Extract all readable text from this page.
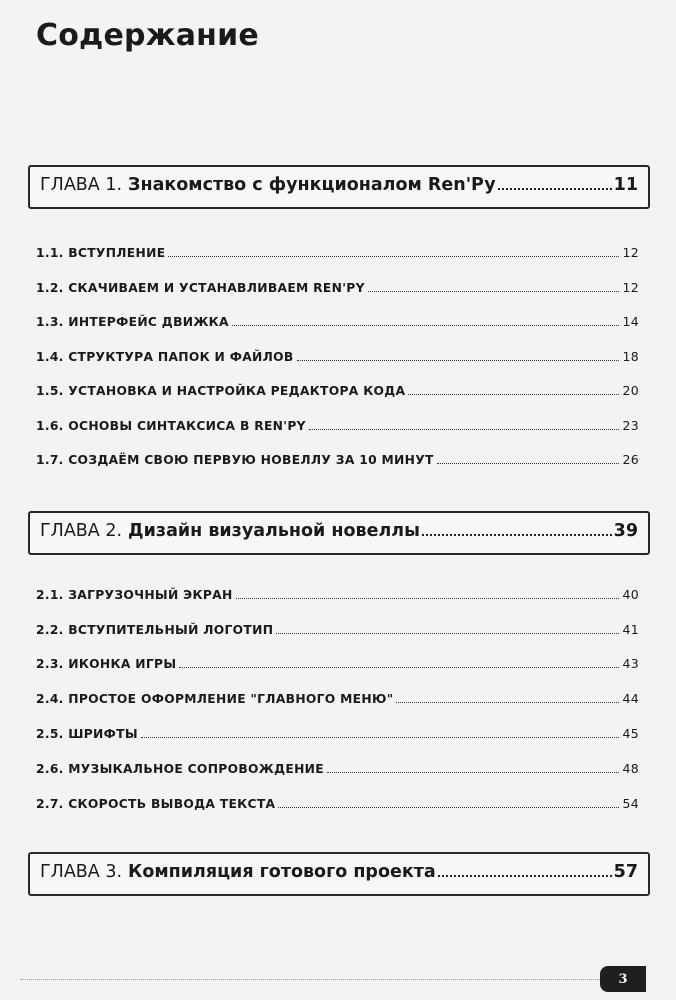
Содержание
ГЛАВА 1. Знакомство с функционалом Ren'Py	11
1.1. ВСТУПЛЕНИЕ	12
1.2. СКАЧИВАЕМ И УСТАНАВЛИВАЕМ REN'PY	12
1.3. ИНТЕРФЕЙС ДВИЖКА	14
1.4. СТРУКТУРА ПАПОК И ФАЙЛОВ	18
1.5. УСТАНОВКА И НАСТРОЙКА РЕДАКТОРА КОДА	20
1.6. ОСНОВЫ СИНТАКСИСА В REN'PY	23
1.7. СОЗДАЁМ СВОЮ ПЕРВУЮ НОВЕЛЛУ ЗА 10 МИНУТ	26
ГЛАВА 2. Дизайн визуальной новеллы	39
2.1. ЗАГРУЗОЧНЫЙ ЭКРАН	40
2.2. ВСТУПИТЕЛЬНЫЙ ЛОГОТИП	41
2.3. ИКОНКА ИГРЫ	43
2.4. ПРОСТОЕ ОФОРМЛЕНИЕ "ГЛАВНОГО МЕНЮ"	44
2.5. ШРИФТЫ	45
2.6. МУЗЫКАЛЬНОЕ СОПРОВОЖДЕНИЕ	48
2.7. СКОРОСТЬ ВЫВОДА ТЕКСТА	54
ГЛАВА 3. Компиляция готового проекта	57
3
